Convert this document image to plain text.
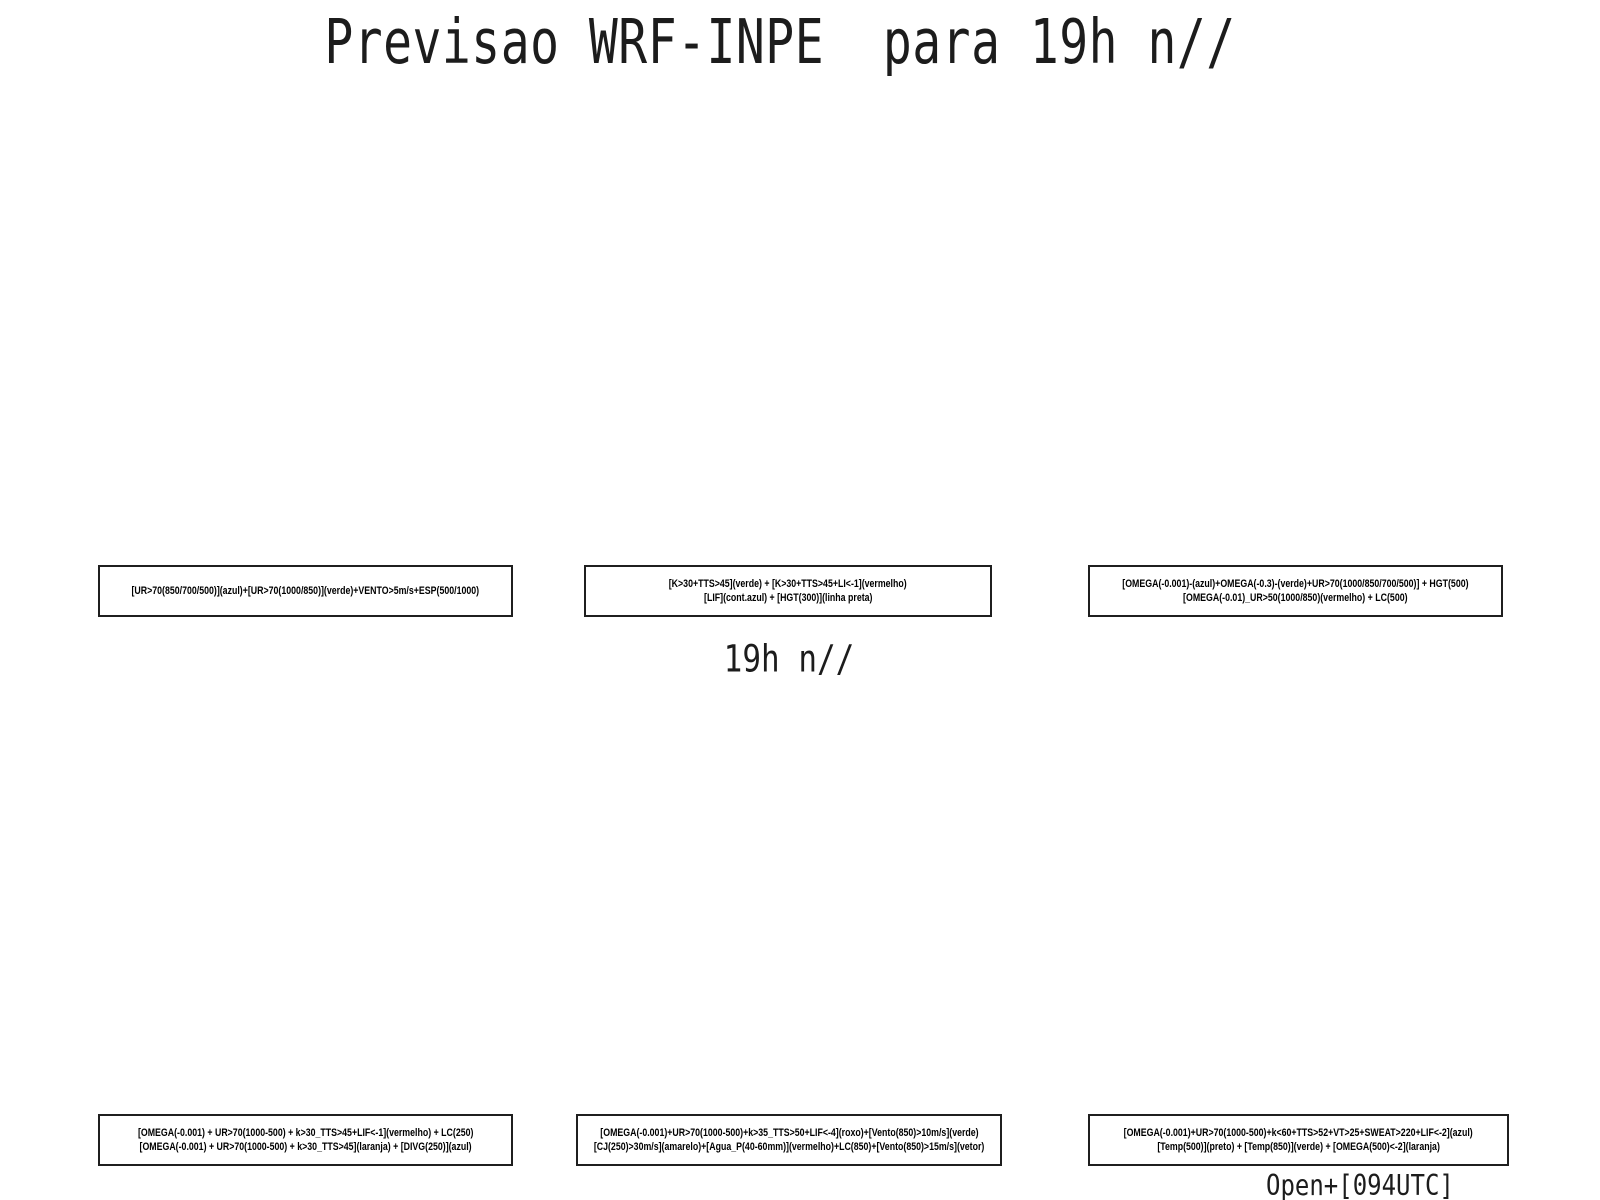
Previsao WRF-INPE  para 19h n//
[UR>70(850/700/500)](azul)+[UR>70(1000/850)](verde)+VENTO>5m/s+ESP(500/1000)
[K>30+TTS>45](verde) + [K>30+TTS>45+LI<-1](vermelho)
[LIF](cont.azul) + [HGT(300)](linha preta)
[OMEGA(-0.001)-(azul)+OMEGA(-0.3)-(verde)+UR>70(1000/850/700/500)] + HGT(500)
[OMEGA(-0.01)_UR>50(1000/850)(vermelho) + LC(500)
19h n//
[OMEGA(-0.001) + UR>70(1000-500) + k>30_TTS>45+LIF<-1](vermelho) + LC(250)
[OMEGA(-0.001) + UR>70(1000-500) + k>30_TTS>45](laranja) + [DIVG(250)](azul)
[OMEGA(-0.001)+UR>70(1000-500)+k>35_TTS>50+LIF<-4](roxo)+[Vento(850)>10m/s](verde)
[CJ(250)>30m/s](amarelo)+[Agua_P(40-60mm)](vermelho)+LC(850)+[Vento(850)>15m/s](vetor)
[OMEGA(-0.001)+UR>70(1000-500)+k<60+TTS>52+VT>25+SWEAT>220+LIF<-2](azul)
[Temp(500)](preto) + [Temp(850)](verde) + [OMEGA(500)<-2](laranja)
Open+[094UTC]
